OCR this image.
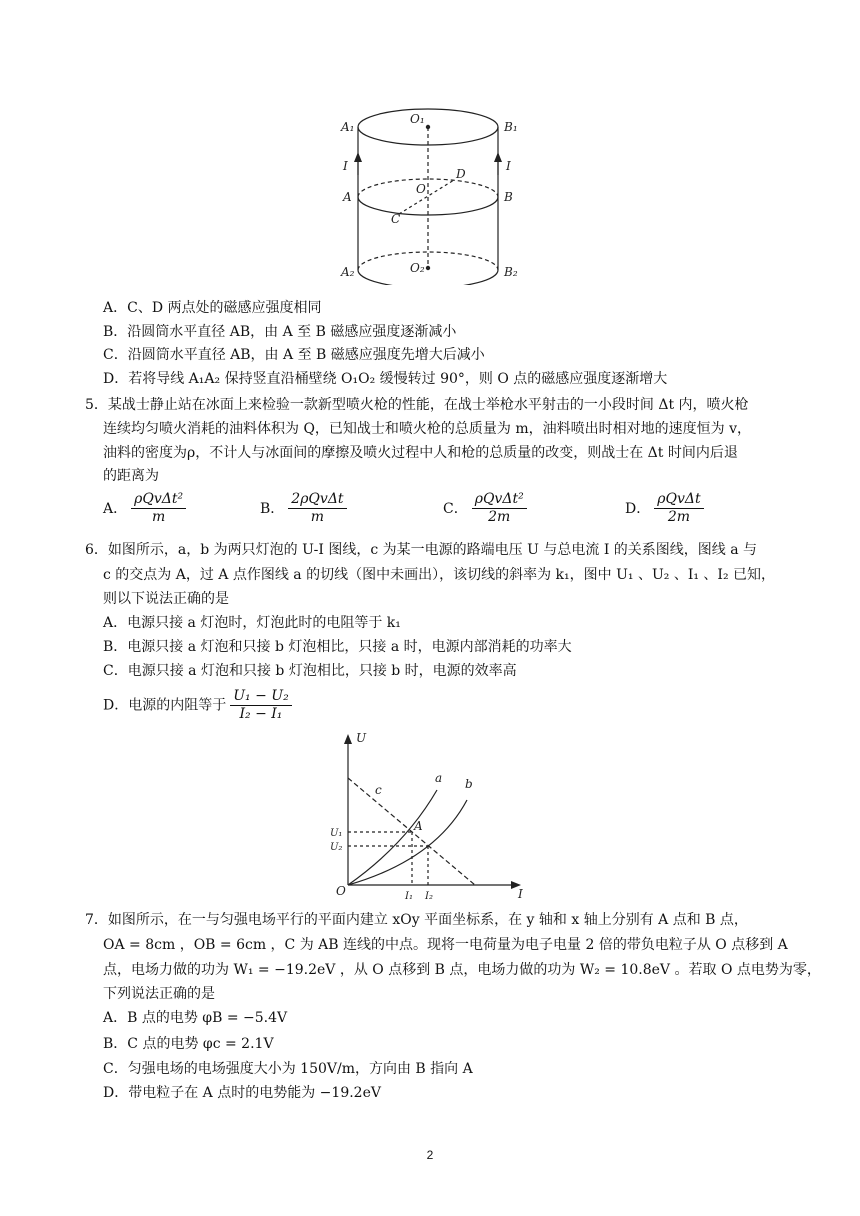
A₁	B₁
O₁
I	I
D
O
A	B
C
A₂	B₂
O₂
A．C、D 两点处的磁感应强度相同
B．沿圆筒水平直径 AB，由 A 至 B 磁感应强度逐渐减小
C．沿圆筒水平直径 AB，由 A 至 B 磁感应强度先增大后减小
D．若将导线 A₁A₂ 保持竖直沿桶壁绕 O₁O₂ 缓慢转过 90°，则 O 点的磁感应强度逐渐增大
5．某战士静止站在冰面上来检验一款新型喷火枪的性能，在战士举枪水平射击的一小段时间 Δt 内，喷火枪
连续均匀喷火消耗的油料体积为 Q，已知战士和喷火枪的总质量为 m，油料喷出时相对地的速度恒为 v，
油料的密度为ρ，不计人与冰面间的摩擦及喷火过程中人和枪的总质量的改变，则战士在 Δt 时间内后退
的距离为
A． $\frac{\text{ρQvΔt²}}{m}$	B． $\frac{\text{2ρQvΔt}}{m}$	C． $\frac{\text{ρQvΔt²}}{2m}$	D． $\frac{\text{ρQvΔt}}{2m}$
6．如图所示，a，b 为两只灯泡的 U-I 图线，c 为某一电源的路端电压 U 与总电流 I 的关系图线，图线 a 与
c 的交点为 A，过 A 点作图线 a 的切线（图中未画出），该切线的斜率为 k₁，图中 U₁ 、U₂ 、I₁ 、I₂ 已知，
则以下说法正确的是
A．电源只接 a 灯泡时，灯泡此时的电阻等于 k₁
B．电源只接 a 灯泡和只接 b 灯泡相比，只接 a 时，电源内部消耗的功率大
C．电源只接 a 灯泡和只接 b 灯泡相比，只接 b 时，电源的效率高
D．电源的内阻等于 $\frac{\text{U₁ − U₂}}{\text{I₂ − I₁}}$
U
I
O
a b
c
A
U₁
U₂
I₁ I₂
7．如图所示，在一与匀强电场平行的平面内建立 xOy 平面坐标系，在 y 轴和 x 轴上分别有 A 点和 B 点，
OA = 8cm ，OB = 6cm ，C 为 AB 连线的中点。现将一电荷量为电子电量 2 倍的带负电粒子从 O 点移到 A
点，电场力做的功为 W₁ = −19.2eV ，从 O 点移到 B 点，电场力做的功为 W₂ = 10.8eV 。若取 O 点电势为零，
下列说法正确的是
A．B 点的电势 φB = −5.4V
B．C 点的电势 φc = 2.1V
C．匀强电场的电场强度大小为 150V/m，方向由 B 指向 A
D．带电粒子在 A 点时的电势能为 −19.2eV
2
